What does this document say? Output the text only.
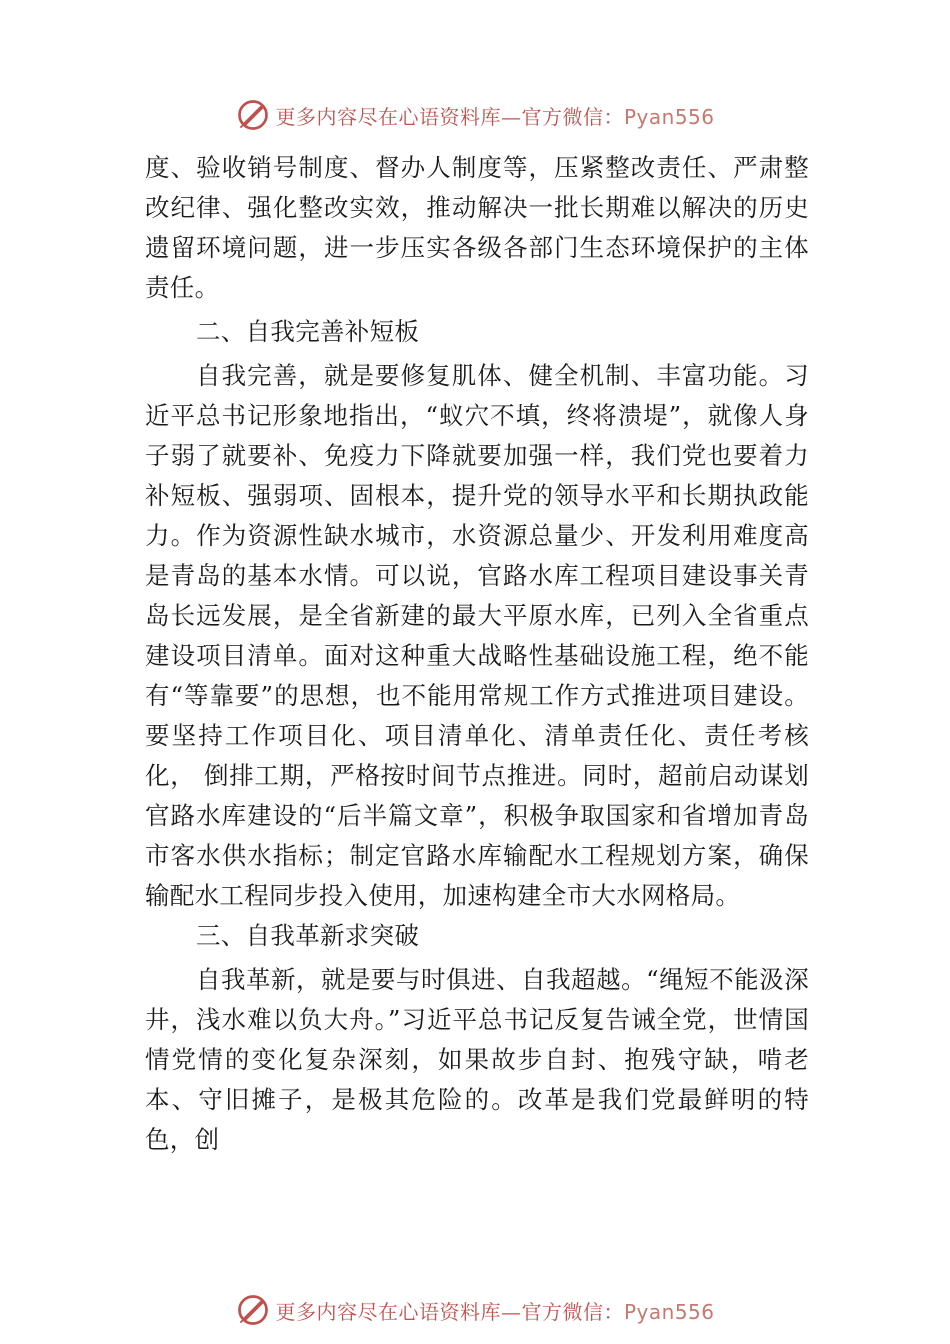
更多内容尽在心语资料库—官方微信：Pyan556

度、验收销号制度、督办人制度等，压紧整改责任、严肃整改纪律、强化整改实效，推动解决一批长期难以解决的历史遗留环境问题，进一步压实各级各部门生态环境保护的主体责任。

二、自我完善补短板

自我完善，就是要修复肌体、健全机制、丰富功能。习近平总书记形象地指出，“蚁穴不填，终将溃堤”，就像人身子弱了就要补、免疫力下降就要加强一样，我们党也要着力补短板、强弱项、固根本，提升党的领导水平和长期执政能力。作为资源性缺水城市，水资源总量少、开发利用难度高是青岛的基本水情。可以说，官路水库工程项目建设事关青岛长远发展，是全省新建的最大平原水库，已列入全省重点建设项目清单。面对这种重大战略性基础设施工程，绝不能有“等靠要”的思想，也不能用常规工作方式推进项目建设。要坚持工作项目化、项目清单化、清单责任化、责任考核化， 倒排工期，严格按时间节点推进。同时，超前启动谋划官路水库建设的“后半篇文章”，积极争取国家和省增加青岛市客水供水指标；制定官路水库输配水工程规划方案，确保输配水工程同步投入使用，加速构建全市大水网格局。

三、自我革新求突破

自我革新，就是要与时俱进、自我超越。“绳短不能汲深井，浅水难以负大舟。”习近平总书记反复告诫全党，世情国情党情的变化复杂深刻，如果故步自封、抱残守缺，啃老本、守旧摊子，是极其危险的。改革是我们党最鲜明的特色，创

更多内容尽在心语资料库—官方微信：Pyan556
